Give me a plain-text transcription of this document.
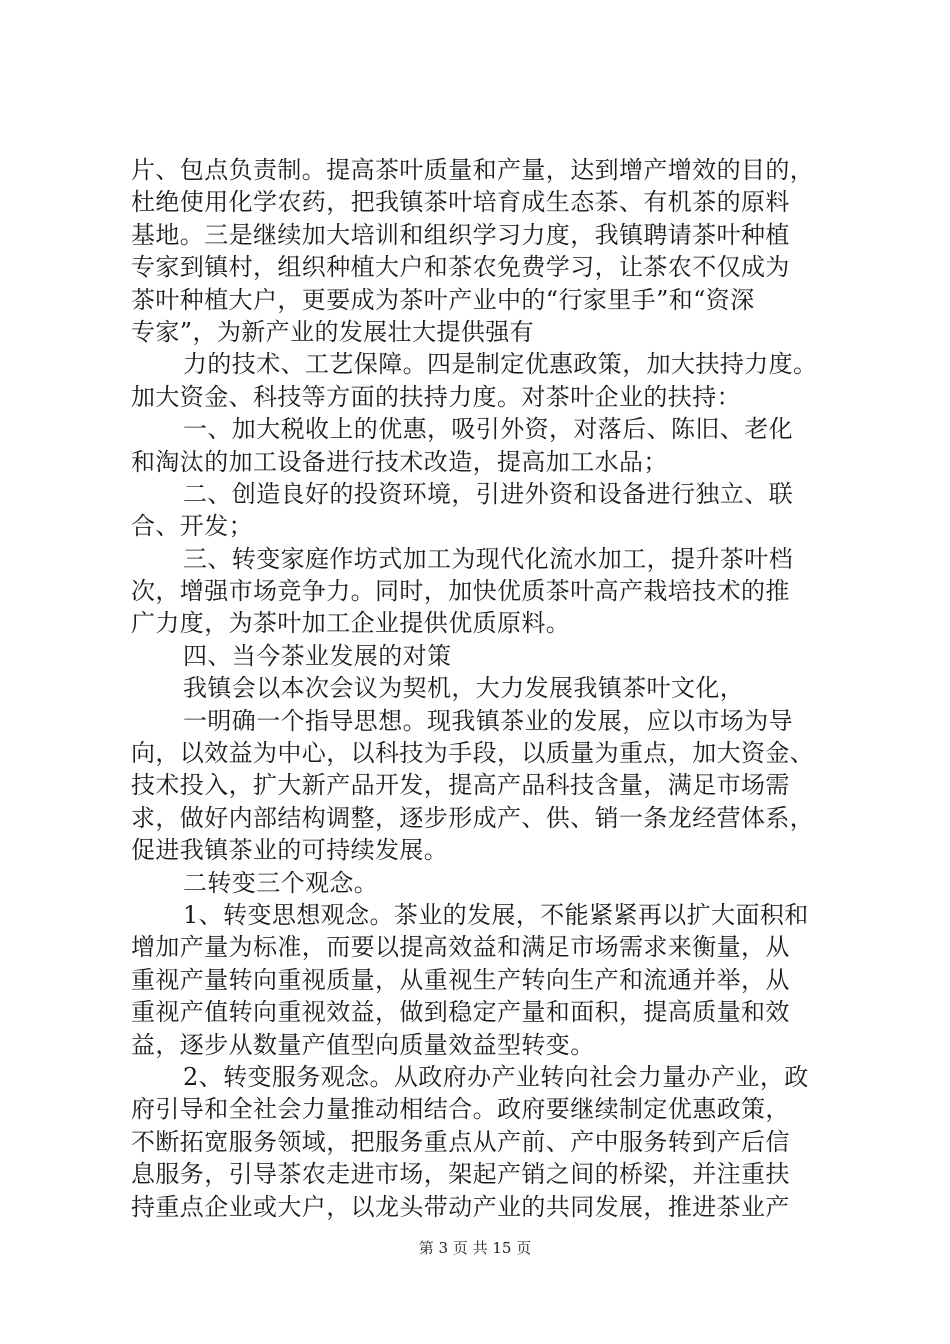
片、包点负责制。提高茶叶质量和产量，达到增产增效的目的，
杜绝使用化学农药，把我镇茶叶培育成生态茶、有机茶的原料
基地。三是继续加大培训和组织学习力度，我镇聘请茶叶种植
专家到镇村，组织种植大户和茶农免费学习，让茶农不仅成为
茶叶种植大户，更要成为茶叶产业中的“行家里手”和“资深
专家”，为新产业的发展壮大提供强有
力的技术、工艺保障。四是制定优惠政策，加大扶持力度。
加大资金、科技等方面的扶持力度。对茶叶企业的扶持：
一、加大税收上的优惠，吸引外资，对落后、陈旧、老化
和淘汰的加工设备进行技术改造，提高加工水品；
二、创造良好的投资环境，引进外资和设备进行独立、联
合、开发；
三、转变家庭作坊式加工为现代化流水加工，提升茶叶档
次，增强市场竞争力。同时，加快优质茶叶高产栽培技术的推
广力度，为茶叶加工企业提供优质原料。
四、当今茶业发展的对策
我镇会以本次会议为契机，大力发展我镇茶叶文化，
一明确一个指导思想。现我镇茶业的发展，应以市场为导
向，以效益为中心，以科技为手段，以质量为重点，加大资金、
技术投入，扩大新产品开发，提高产品科技含量，满足市场需
求，做好内部结构调整，逐步形成产、供、销一条龙经营体系，
促进我镇茶业的可持续发展。
二转变三个观念。
1、转变思想观念。茶业的发展，不能紧紧再以扩大面积和
增加产量为标准，而要以提高效益和满足市场需求来衡量，从
重视产量转向重视质量，从重视生产转向生产和流通并举，从
重视产值转向重视效益，做到稳定产量和面积，提高质量和效
益，逐步从数量产值型向质量效益型转变。
2、转变服务观念。从政府办产业转向社会力量办产业，政
府引导和全社会力量推动相结合。政府要继续制定优惠政策，
不断拓宽服务领域，把服务重点从产前、产中服务转到产后信
息服务，引导茶农走进市场，架起产销之间的桥梁，并注重扶
持重点企业或大户，以龙头带动产业的共同发展，推进茶业产
第 3 页 共 15 页
